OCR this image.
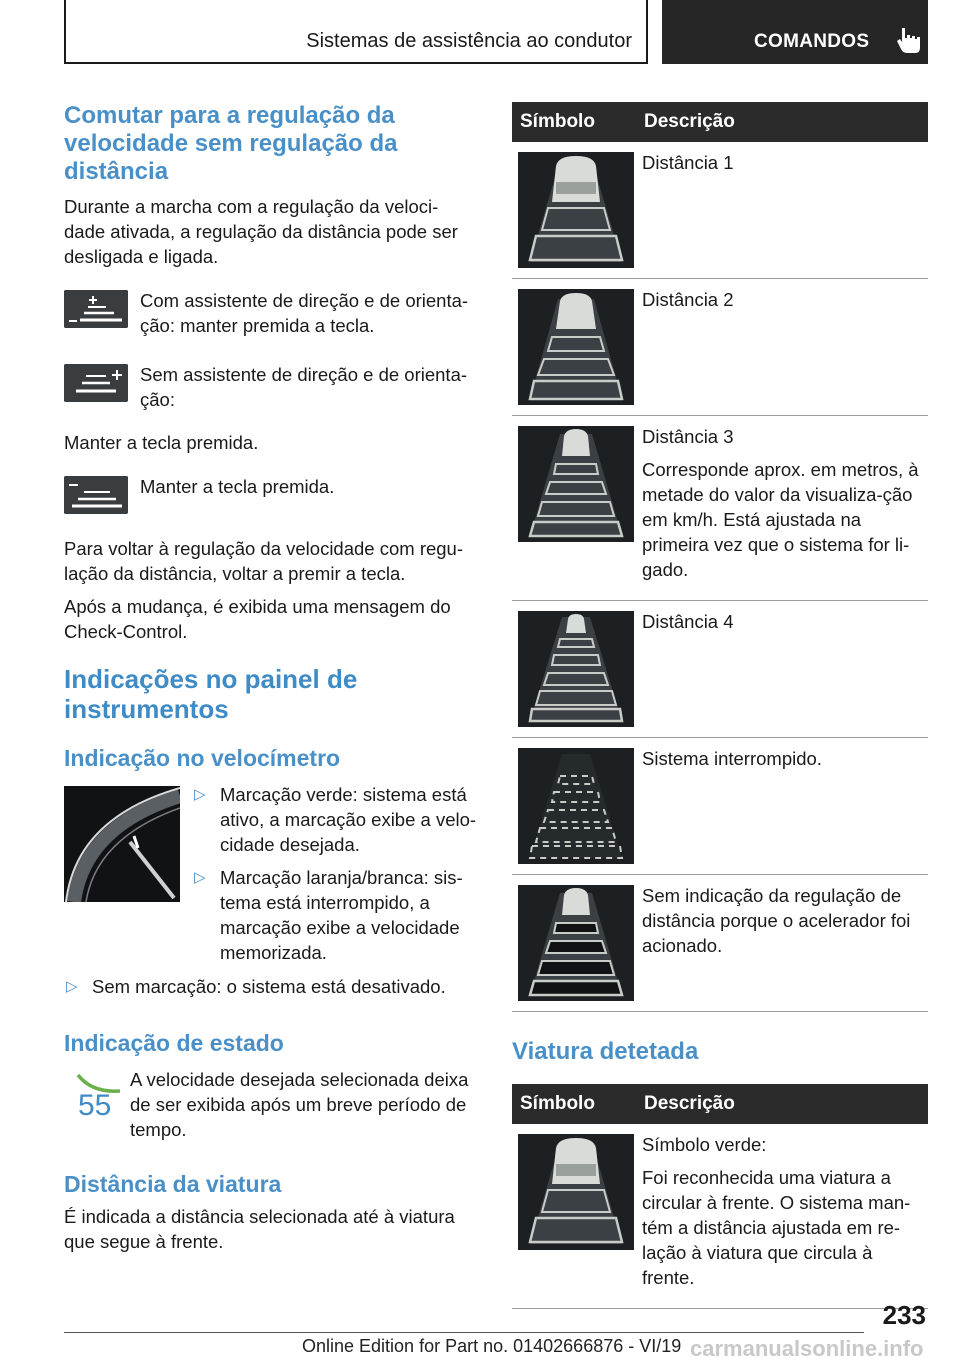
Sistemas de assistência ao condutor	COMANDOS
Comutar para a regulação da velocidade sem regulação da distância

Durante a marcha com a regulação da veloci-dade ativada, a regulação da distância pode ser desligada e ligada.

Com assistente de direção e de orienta-ção: manter premida a tecla.

Sem assistente de direção e de orienta-ção:

Manter a tecla premida.

Manter a tecla premida.

Para voltar à regulação da velocidade com regu-lação da distância, voltar a premir a tecla.

Após a mudança, é exibida uma mensagem do Check-Control.

Indicações no painel de instrumentos
Indicação no velocímetro
▷ Marcação verde: sistema está ativo, a marcação exibe a velo-cidade desejada.
▷ Marcação laranja/branca: sis-tema está interrompido, a marcação exibe a velocidade memorizada.
▷ Sem marcação: o sistema está desativado.
Indicação de estado
55

A velocidade desejada selecionada deixa de ser exibida após um breve período de tempo.

Distância da viatura

É indicada a distância selecionada até à viatura que segue à frente.

Símbolo	Descrição

Distância 1

Distância 2

Distância 3

Corresponde aprox. em metros, à metade do valor da visualiza-ção em km/h. Está ajustada na primeira vez que o sistema for li-gado.

Distância 4

Sistema interrompido.

Sem indicação da regulação de distância porque o acelerador foi acionado.

Viatura detetada
Símbolo	Descrição

Símbolo verde:

Foi reconhecida uma viatura a circular à frente. O sistema man-tém a distância ajustada em re-lação à viatura que circula à frente.

233
Online Edition for Part no. 01402666876 - VI/19 carmanualsonline.info
